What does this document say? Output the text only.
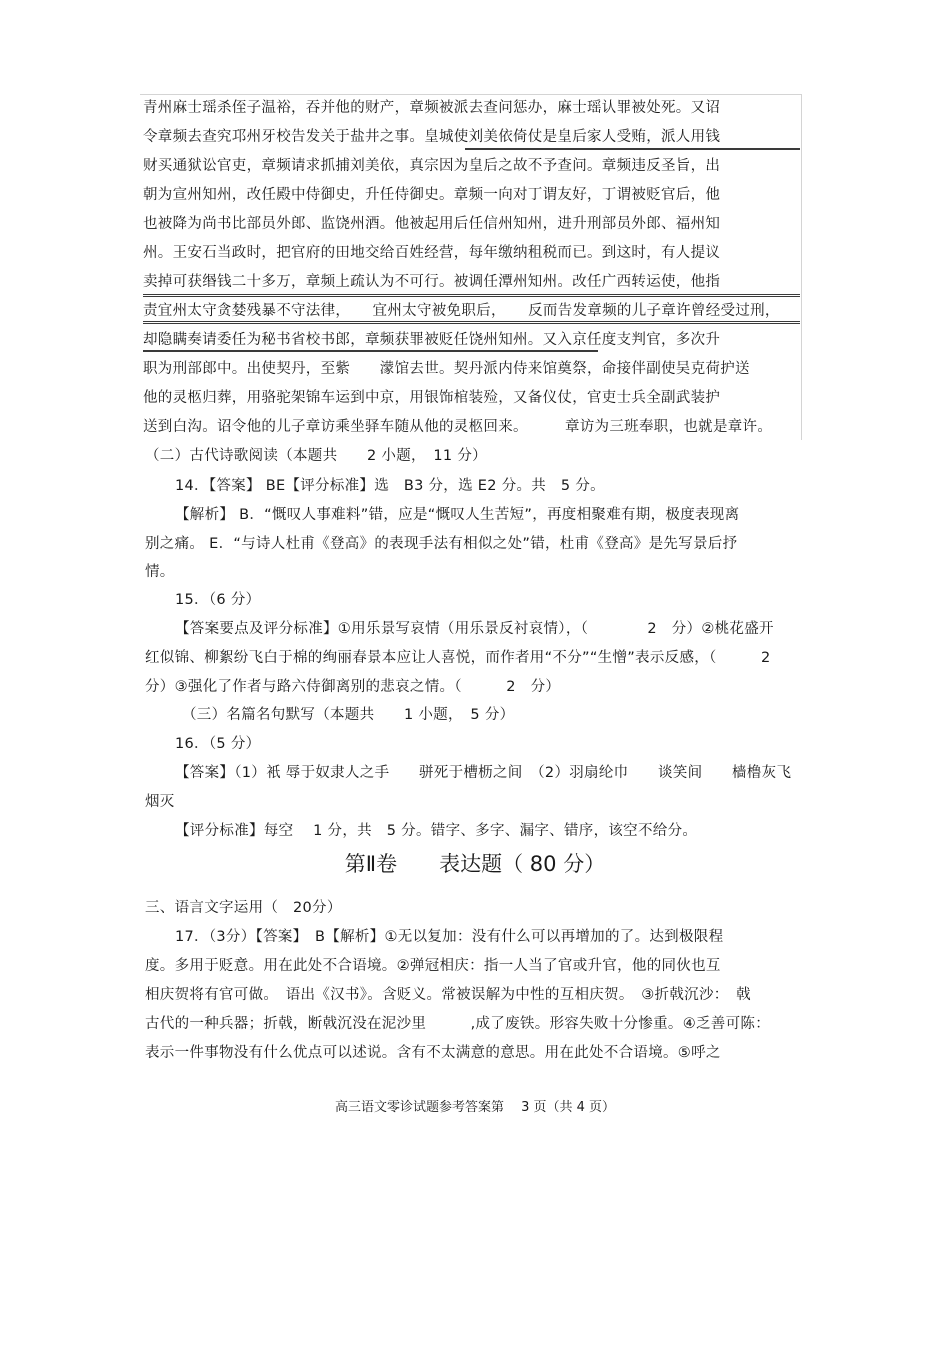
青州麻士瑶杀侄子温裕，吞并他的财产，章频被派去查问惩办，麻士瑶认罪被处死。又诏
令章频去查究邛州牙校告发关于盐井之事。皇城使刘美依倚仗是皇后家人受贿，派人用钱
财买通狱讼官吏，章频请求抓捕刘美依，真宗因为皇后之故不予查问。章频违反圣旨，出
朝为宣州知州，改任殿中侍御史，升任侍御史。章频一向对丁谓友好，丁谓被贬官后，他
也被降为尚书比部员外郎、监饶州酒。他被起用后任信州知州，进升刑部员外郎、福州知
州。王安石当政时，把官府的田地交给百姓经营，每年缴纳租税而已。到这时，有人提议
卖掉可获缗钱二十多万，章频上疏认为不可行。被调任潭州知州。改任广西转运使，他指
责宜州太守贪婪残暴不守法律，　　宜州太守被免职后，　　反而告发章频的儿子章许曾经受过刑，
却隐瞒奏请委任为秘书省校书郎，章频获罪被贬任饶州知州。又入京任度支判官，多次升
职为刑部郎中。出使契丹，至紫　　濛馆去世。契丹派内侍来馆奠祭，命接伴副使吴克荷护送
他的灵柩归葬，用骆驼架锦车运到中京，用银饰棺装殓，又备仪仗，官吏士兵全副武装护
送到白沟。诏令他的儿子章访乘坐驿车随从他的灵柩回来。　　　章访为三班奉职，也就是章许。
（二）古代诗歌阅读（本题共　　2 小题，　11 分）
14．【答案】 BE【评分标准】选　B3 分，选 E2 分。共　5 分。
【解析】 B．“慨叹人事难料”错，应是“慨叹人生苦短”，再度相聚难有期，极度表现离
别之痛。 E．“与诗人杜甫《登高》的表现手法有相似之处”错，杜甫《登高》是先写景后抒
情。
15．（6 分）
【答案要点及评分标准】①用乐景写哀情（用乐景反衬哀情），（　　　　2　分）②桃花盛开
红似锦、柳絮纷飞白于棉的绚丽春景本应让人喜悦，而作者用“不分”“生憎”表示反感，（　　　2
分）③强化了作者与路六侍御离别的悲哀之情。（　　　2　分）
（三）名篇名句默写（本题共　　1 小题，　5 分）
16．（5 分）
【答案】（1）衹 辱于奴隶人之手　　骈死于槽枥之间　（2）羽扇纶巾　　谈笑间　　樯橹灰飞
烟灭
【评分标准】每空　 1 分，共　5 分。错字、多字、漏字、错序，该空不给分。
第Ⅱ卷　　表达题（ 80 分）
三、语言文字运用（　20分）
17．（3分）【答案】　B【解析】①无以复加：没有什么可以再增加的了。达到极限程
度。多用于贬意。用在此处不合语境。②弹冠相庆：指一人当了官或升官，他的同伙也互
相庆贺将有官可做。　语出《汉书》。含贬义。常被误解为中性的互相庆贺。　③折戟沉沙：　戟
古代的一种兵器；折戟，断戟沉没在泥沙里　　　,成了废铁。形容失败十分惨重。④乏善可陈：
表示一件事物没有什么优点可以述说。含有不太满意的意思。用在此处不合语境。⑤呼之
高三语文零诊试题参考答案第　 3 页（共 4 页）
